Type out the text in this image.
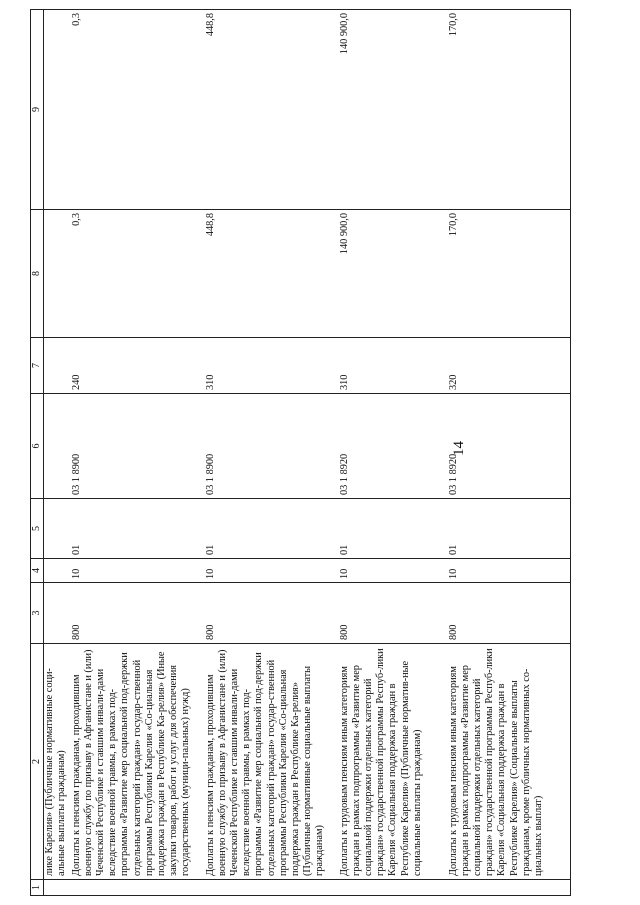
14
1	2	3	4	5	6	7	8	9
	лике Карелия» (Публичные нормативные соци-альные выплаты гражданам)							
	Доплаты к пенсиям гражданам, проходившим военную службу по призыву в Афганистане и (или) Чеченской Республике и ставшим инвали-дами вследствие военной травмы, в рамках под-программы «Развитие мер социальной под-держки отдельных категорий граждан» государ-ственной программы Республики Карелия «Со-циальная поддержка граждан в Республике Ка-релия» (Иные закупки товаров, работ и услуг для обеспечения государственных (муници-пальных) нужд)	800	10	01	03 1 8900	240	0,3	0,3
	Доплаты к пенсиям гражданам, проходившим военную службу по призыву в Афганистане и (или) Чеченской Республике и ставшим инвали-дами вследствие военной травмы, в рамках под-программы «Развитие мер социальной под-держки отдельных категорий граждан» государ-ственной программы Республики Карелия «Со-циальная поддержка граждан в Республике Ка-релия» (Публичные нормативные социальные выплаты гражданам)	800	10	01	03 1 8900	310	448,8	448,8
	Доплаты к трудовым пенсиям иным категориям граждан в рамках подпрограммы «Развитие мер социальной поддержки отдельных категорий граждан» государственной программы Респуб-лики Карелия «Социальная поддержка граждан в Республике Карелия» (Публичные норматив-ные социальные выплаты гражданам)	800	10	01	03 1 8920	310	140 900,0	140 900,0
	Доплаты к трудовым пенсиям иным категориям граждан в рамках подпрограммы «Развитие мер социальной поддержки отдельных категорий граждан» государственной программы Респуб-лики Карелия «Социальная поддержка граждан в Республике Карелия» (Социальные выплаты гражданам, кроме публичных нормативных со-циальных выплат)	800	10	01	03 1 8920	320	170,0	170,0
